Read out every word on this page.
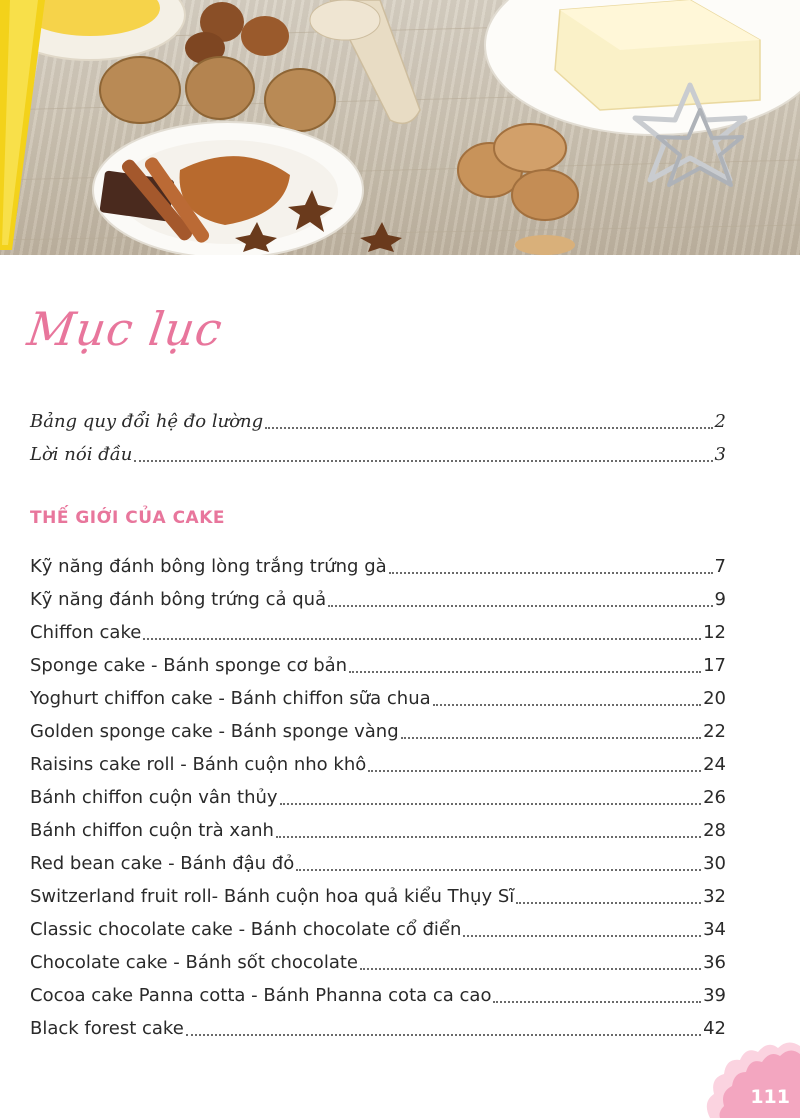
Mục lục
Bảng quy đổi hệ đo lường	2
Lời nói đầu	3
THẾ GIỚI CỦA CAKE
Kỹ năng đánh bông lòng trắng trứng gà	7
Kỹ năng đánh bông trứng cả quả	9
Chiffon cake	12
Sponge cake - Bánh sponge cơ bản	17
Yoghurt chiffon cake - Bánh chiffon sữa chua	20
Golden sponge cake - Bánh sponge vàng	22
Raisins cake roll - Bánh cuộn nho khô	24
Bánh chiffon cuộn vân thủy	26
Bánh chiffon cuộn trà xanh	28
Red bean cake - Bánh đậu đỏ	30
Switzerland fruit roll- Bánh cuộn hoa quả kiểu Thụy Sĩ	32
Classic chocolate cake - Bánh chocolate cổ điển	34
Chocolate cake - Bánh sốt chocolate	36
Cocoa cake Panna cotta - Bánh Phanna cota ca cao	39
Black forest cake	42
111
